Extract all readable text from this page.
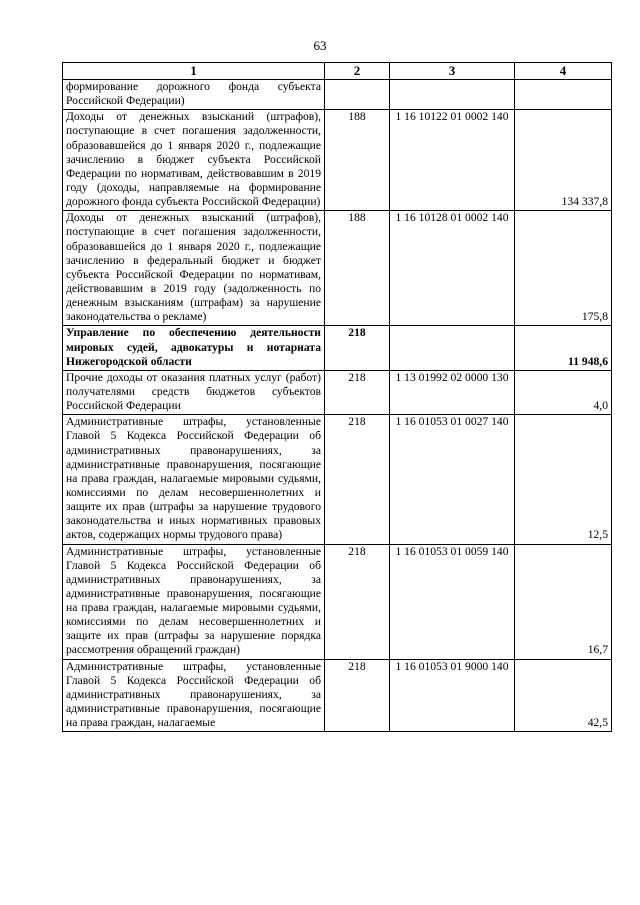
63
1	2	3	4
формирование дорожного фонда субъекта Российской Федерации)			
Доходы от денежных взысканий (штрафов), поступающие в счет погашения задолженности, образовавшейся до 1 января 2020 г., подлежащие зачислению в бюджет субъекта Российской Федерации по нормативам, действовавшим в 2019 году (доходы, направляемые на формирование дорожного фонда субъекта Российской Федерации)	188	1 16 10122 01 0002 140	134 337,8
Доходы от денежных взысканий (штрафов), поступающие в счет погашения задолженности, образовавшейся до 1 января 2020 г., подлежащие зачислению в федеральный бюджет и бюджет субъекта Российской Федерации по нормативам, действовавшим в 2019 году (задолженность по денежным взысканиям (штрафам) за нарушение законодательства о рекламе)	188	1 16 10128 01 0002 140	175,8
Управление по обеспечению деятельности мировых судей, адвокатуры и нотариата Нижегородской области	218		11 948,6
Прочие доходы от оказания платных услуг (работ) получателями средств бюджетов субъектов Российской Федерации	218	1 13 01992 02 0000 130	4,0
Административные штрафы, установленные Главой 5 Кодекса Российской Федерации об административных правонарушениях, за административные правонарушения, посягающие на права граждан, налагаемые мировыми судьями, комиссиями по делам несовершеннолетних и защите их прав (штрафы за нарушение трудового законодательства и иных нормативных правовых актов, содержащих нормы трудового права)	218	1 16 01053 01 0027 140	12,5
Административные штрафы, установленные Главой 5 Кодекса Российской Федерации об административных правонарушениях, за административные правонарушения, посягающие на права граждан, налагаемые мировыми судьями, комиссиями по делам несовершеннолетних и защите их прав (штрафы за нарушение порядка рассмотрения обращений граждан)	218	1 16 01053 01 0059 140	16,7
Административные штрафы, установленные Главой 5 Кодекса Российской Федерации об административных правонарушениях, за административные правонарушения, посягающие на права граждан, налагаемые	218	1 16 01053 01 9000 140	42,5
